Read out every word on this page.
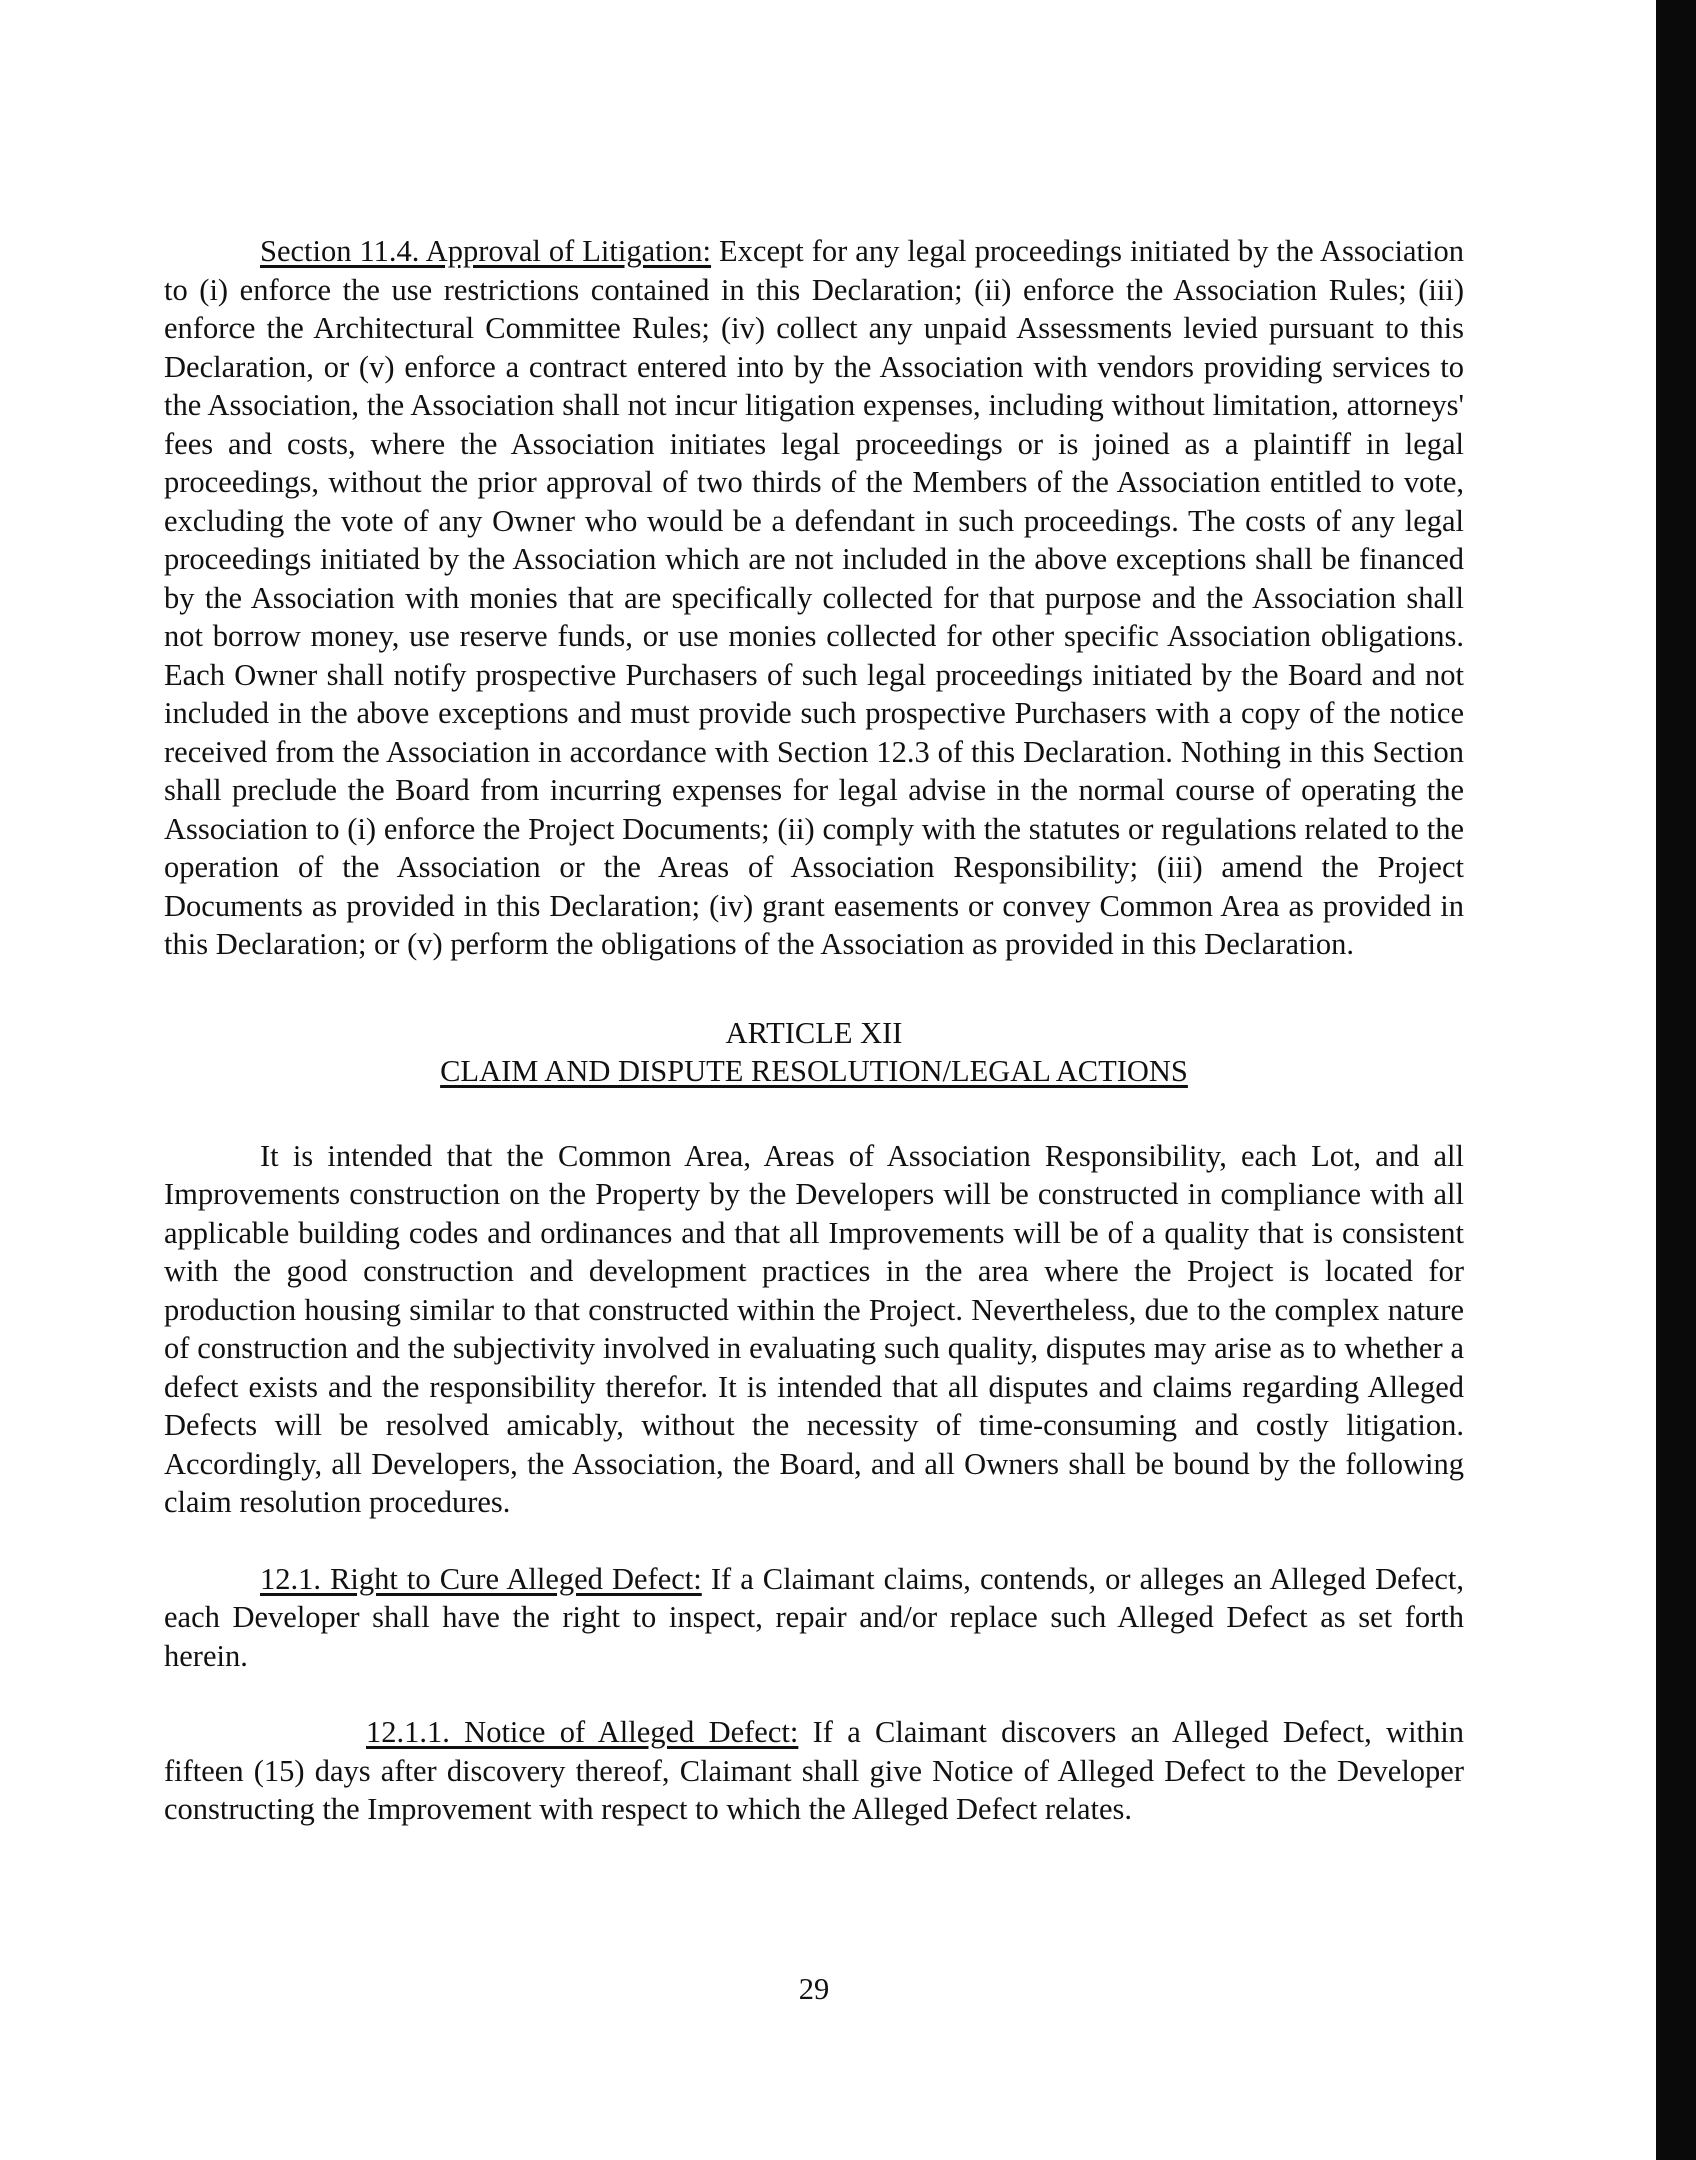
Section 11.4. Approval of Litigation: Except for any legal proceedings initiated by the Association to (i) enforce the use restrictions contained in this Declaration; (ii) enforce the Association Rules; (iii) enforce the Architectural Committee Rules; (iv) collect any unpaid Assessments levied pursuant to this Declaration, or (v) enforce a contract entered into by the Association with vendors providing services to the Association, the Association shall not incur litigation expenses, including without limitation, attorneys' fees and costs, where the Association initiates legal proceedings or is joined as a plaintiff in legal proceedings, without the prior approval of two thirds of the Members of the Association entitled to vote, excluding the vote of any Owner who would be a defendant in such proceedings. The costs of any legal proceedings initiated by the Association which are not included in the above exceptions shall be financed by the Association with monies that are specifically collected for that purpose and the Association shall not borrow money, use reserve funds, or use monies collected for other specific Association obligations. Each Owner shall notify prospective Purchasers of such legal proceedings initiated by the Board and not included in the above exceptions and must provide such prospective Purchasers with a copy of the notice received from the Association in accordance with Section 12.3 of this Declaration. Nothing in this Section shall preclude the Board from incurring expenses for legal advise in the normal course of operating the Association to (i) enforce the Project Documents; (ii) comply with the statutes or regulations related to the operation of the Association or the Areas of Association Responsibility; (iii) amend the Project Documents as provided in this Declaration; (iv) grant easements or convey Common Area as provided in this Declaration; or (v) perform the obligations of the Association as provided in this Declaration.

ARTICLE XII

CLAIM AND DISPUTE RESOLUTION/LEGAL ACTIONS

It is intended that the Common Area, Areas of Association Responsibility, each Lot, and all Improvements construction on the Property by the Developers will be constructed in compliance with all applicable building codes and ordinances and that all Improvements will be of a quality that is consistent with the good construction and development practices in the area where the Project is located for production housing similar to that constructed within the Project. Nevertheless, due to the complex nature of construction and the subjectivity involved in evaluating such quality, disputes may arise as to whether a defect exists and the responsibility therefor. It is intended that all disputes and claims regarding Alleged Defects will be resolved amicably, without the necessity of time-consuming and costly litigation. Accordingly, all Developers, the Association, the Board, and all Owners shall be bound by the following claim resolution procedures.

12.1. Right to Cure Alleged Defect: If a Claimant claims, contends, or alleges an Alleged Defect, each Developer shall have the right to inspect, repair and/or replace such Alleged Defect as set forth herein.

12.1.1. Notice of Alleged Defect: If a Claimant discovers an Alleged Defect, within fifteen (15) days after discovery thereof, Claimant shall give Notice of Alleged Defect to the Developer constructing the Improvement with respect to which the Alleged Defect relates.

29
